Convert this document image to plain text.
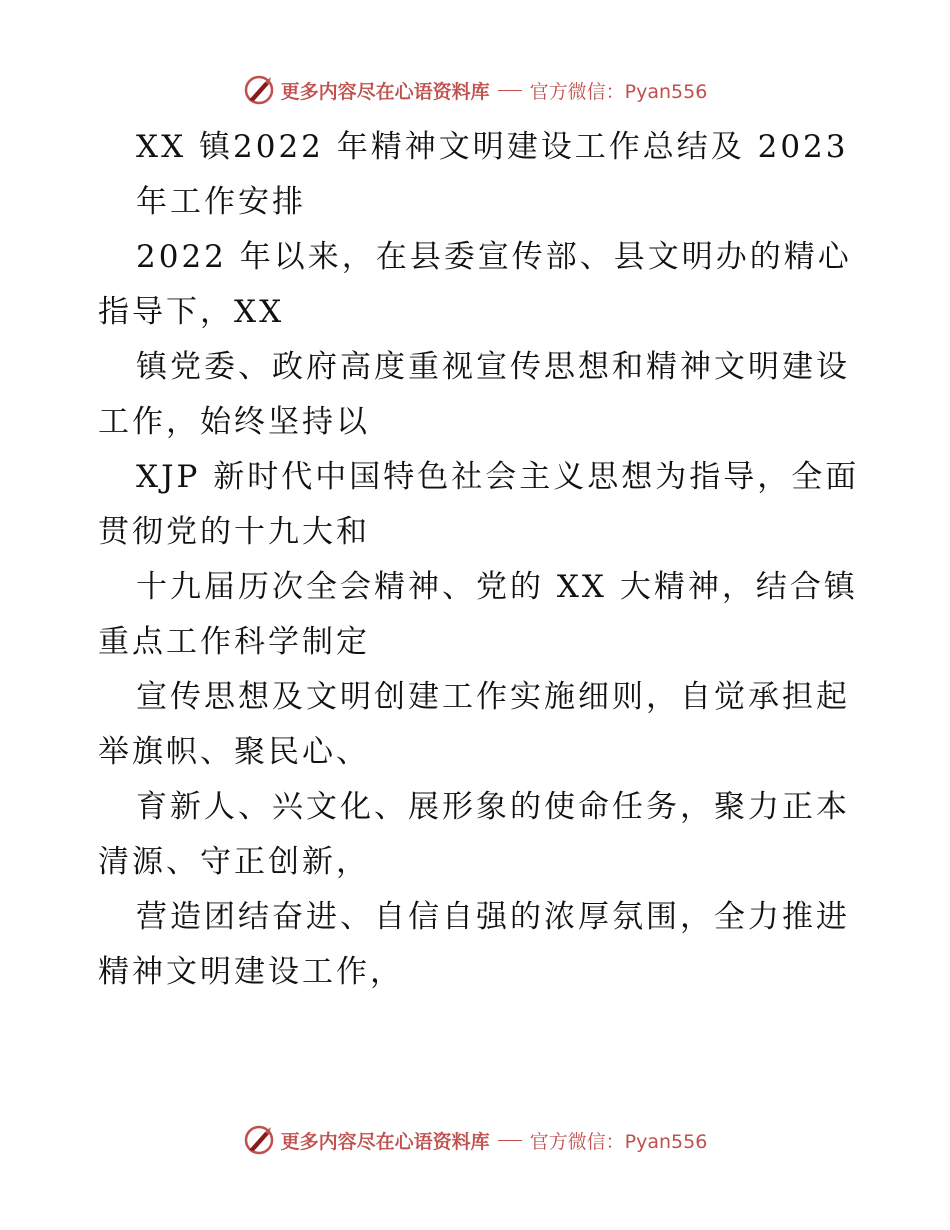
更多内容尽在心语资料库 官方微信：Pyan556
XX 镇2022 年精神文明建设工作总结及 2023
年工作安排
2022 年以来，在县委宣传部、县文明办的精心
指导下，XX
镇党委、政府高度重视宣传思想和精神文明建设
工作，始终坚持以
XJP 新时代中国特色社会主义思想为指导，全面
贯彻党的十九大和
十九届历次全会精神、党的 XX 大精神，结合镇
重点工作科学制定
宣传思想及文明创建工作实施细则，自觉承担起
举旗帜、聚民心、
育新人、兴文化、展形象的使命任务，聚力正本
清源、守正创新，
营造团结奋进、自信自强的浓厚氛围，全力推进
精神文明建设工作，
更多内容尽在心语资料库 官方微信：Pyan556
